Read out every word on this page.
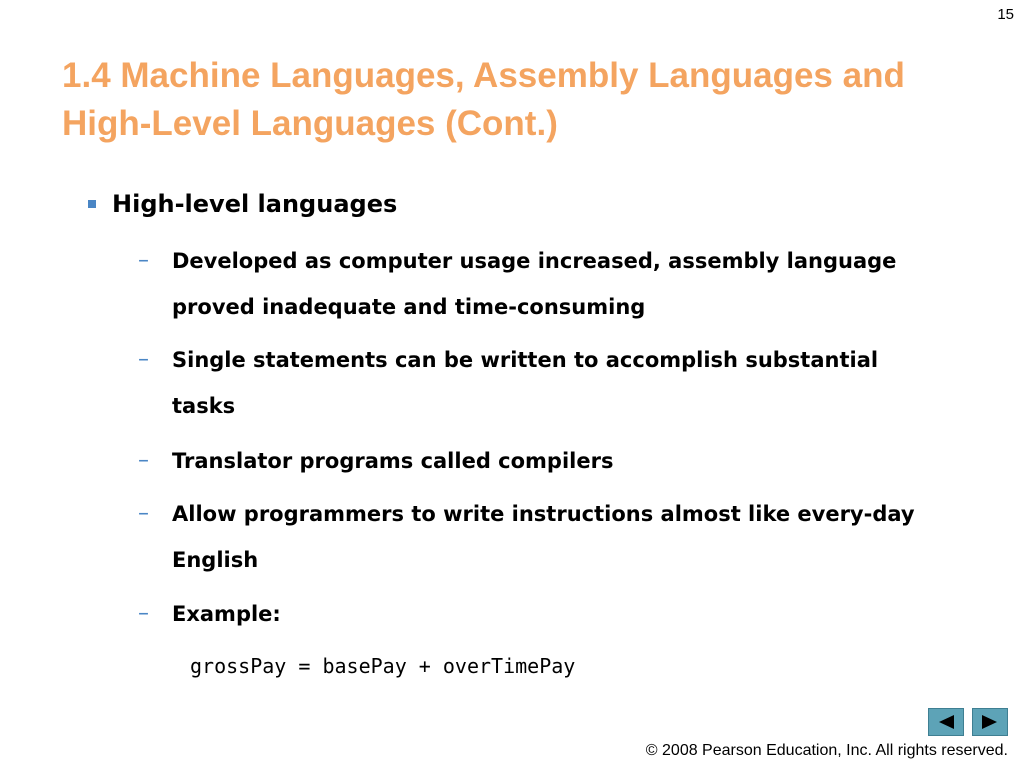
15
1.4 Machine Languages, Assembly Languages and High-Level Languages (Cont.)
High-level languages
–	Developed as computer usage increased, assembly language proved inadequate and time-consuming
–	Single statements can be written to accomplish substantial tasks
–	Translator programs called compilers
–	Allow programmers to write instructions almost like every-day English
–	Example:
grossPay = basePay + overTimePay
© 2008 Pearson Education, Inc. All rights reserved.
